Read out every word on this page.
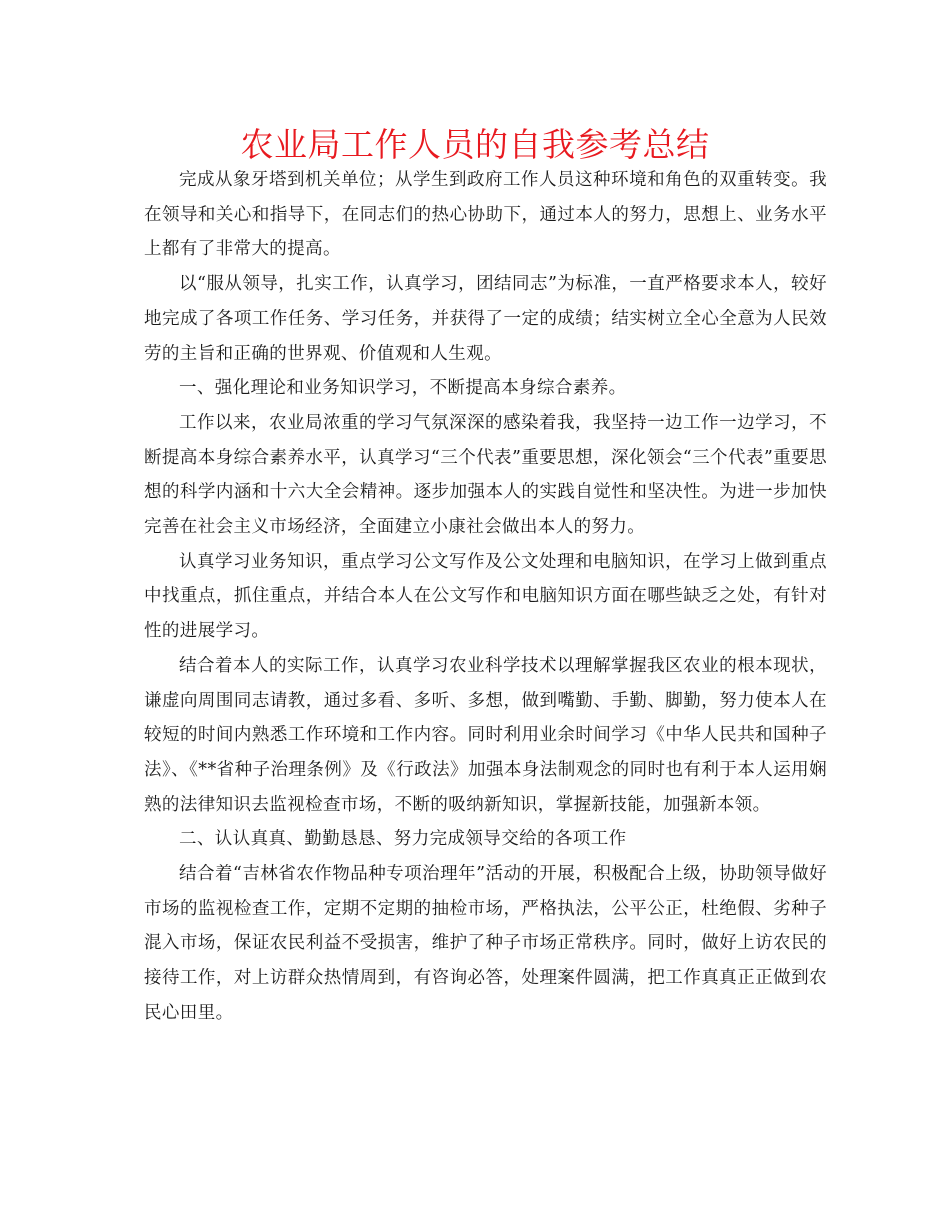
农业局工作人员的自我参考总结

完成从象牙塔到机关单位；从学生到政府工作人员这种环境和角色的双重转变。我在领导和关心和指导下，在同志们的热心协助下，通过本人的努力，思想上、业务水平上都有了非常大的提高。

以“服从领导，扎实工作，认真学习，团结同志”为标准，一直严格要求本人，较好地完成了各项工作任务、学习任务，并获得了一定的成绩；结实树立全心全意为人民效劳的主旨和正确的世界观、价值观和人生观。

一、强化理论和业务知识学习，不断提高本身综合素养。

工作以来，农业局浓重的学习气氛深深的感染着我，我坚持一边工作一边学习，不断提高本身综合素养水平，认真学习“三个代表”重要思想，深化领会“三个代表”重要思想的科学内涵和十六大全会精神。逐步加强本人的实践自觉性和坚决性。为进一步加快完善在社会主义市场经济，全面建立小康社会做出本人的努力。

认真学习业务知识，重点学习公文写作及公文处理和电脑知识，在学习上做到重点中找重点，抓住重点，并结合本人在公文写作和电脑知识方面在哪些缺乏之处，有针对性的进展学习。

结合着本人的实际工作，认真学习农业科学技术以理解掌握我区农业的根本现状，谦虚向周围同志请教，通过多看、多听、多想，做到嘴勤、手勤、脚勤，努力使本人在较短的时间内熟悉工作环境和工作内容。同时利用业余时间学习《中华人民共和国种子法》、《**省种子治理条例》及《行政法》加强本身法制观念的同时也有利于本人运用娴熟的法律知识去监视检查市场，不断的吸纳新知识，掌握新技能，加强新本领。

二、认认真真、勤勤恳恳、努力完成领导交给的各项工作

结合着“吉林省农作物品种专项治理年”活动的开展，积极配合上级，协助领导做好市场的监视检查工作，定期不定期的抽检市场，严格执法，公平公正，杜绝假、劣种子混入市场，保证农民利益不受损害，维护了种子市场正常秩序。同时，做好上访农民的接待工作，对上访群众热情周到，有咨询必答，处理案件圆满，把工作真真正正做到农民心田里。
